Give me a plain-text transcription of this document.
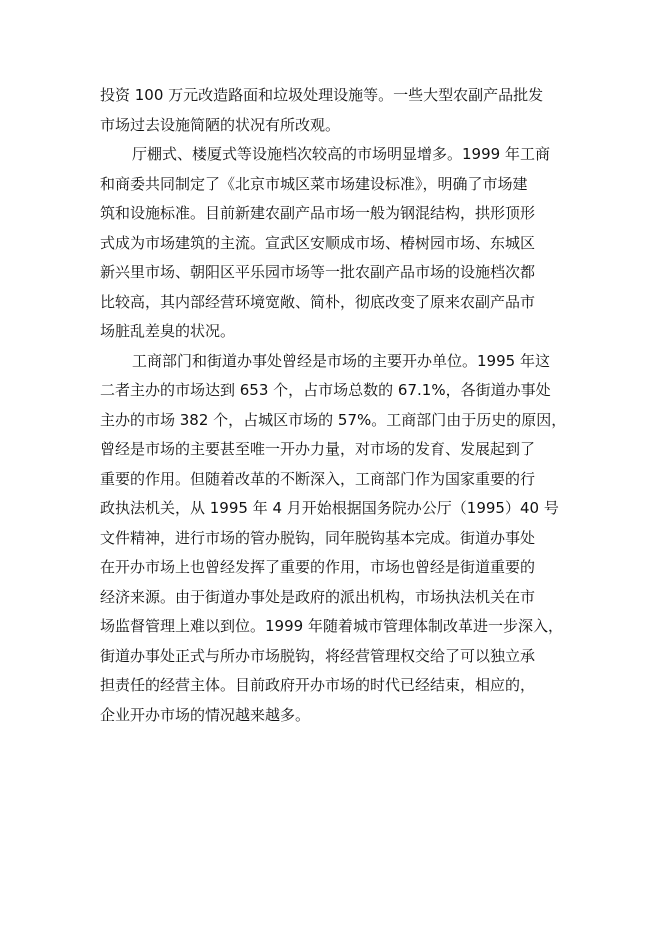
投资 100 万元改造路面和垃圾处理设施等。一些大型农副产品批发
市场过去设施简陋的状况有所改观。
厅棚式、楼厦式等设施档次较高的市场明显增多。1999 年工商
和商委共同制定了《北京市城区菜市场建设标准》，明确了市场建
筑和设施标准。目前新建农副产品市场一般为钢混结构，拱形顶形
式成为市场建筑的主流。宣武区安顺成市场、椿树园市场、东城区
新兴里市场、朝阳区平乐园市场等一批农副产品市场的设施档次都
比较高，其内部经营环境宽敞、简朴，彻底改变了原来农副产品市
场脏乱差臭的状况。
工商部门和街道办事处曾经是市场的主要开办单位。1995 年这
二者主办的市场达到 653 个，占市场总数的 67.1%，各街道办事处
主办的市场 382 个，占城区市场的 57%。工商部门由于历史的原因，
曾经是市场的主要甚至唯一开办力量，对市场的发育、发展起到了
重要的作用。但随着改革的不断深入，工商部门作为国家重要的行
政执法机关，从 1995 年 4 月开始根据国务院办公厅（1995）40 号
文件精神，进行市场的管办脱钩，同年脱钩基本完成。街道办事处
在开办市场上也曾经发挥了重要的作用，市场也曾经是街道重要的
经济来源。由于街道办事处是政府的派出机构，市场执法机关在市
场监督管理上难以到位。1999 年随着城市管理体制改革进一步深入，
街道办事处正式与所办市场脱钩，将经营管理权交给了可以独立承
担责任的经营主体。目前政府开办市场的时代已经结束，相应的，
企业开办市场的情况越来越多。
